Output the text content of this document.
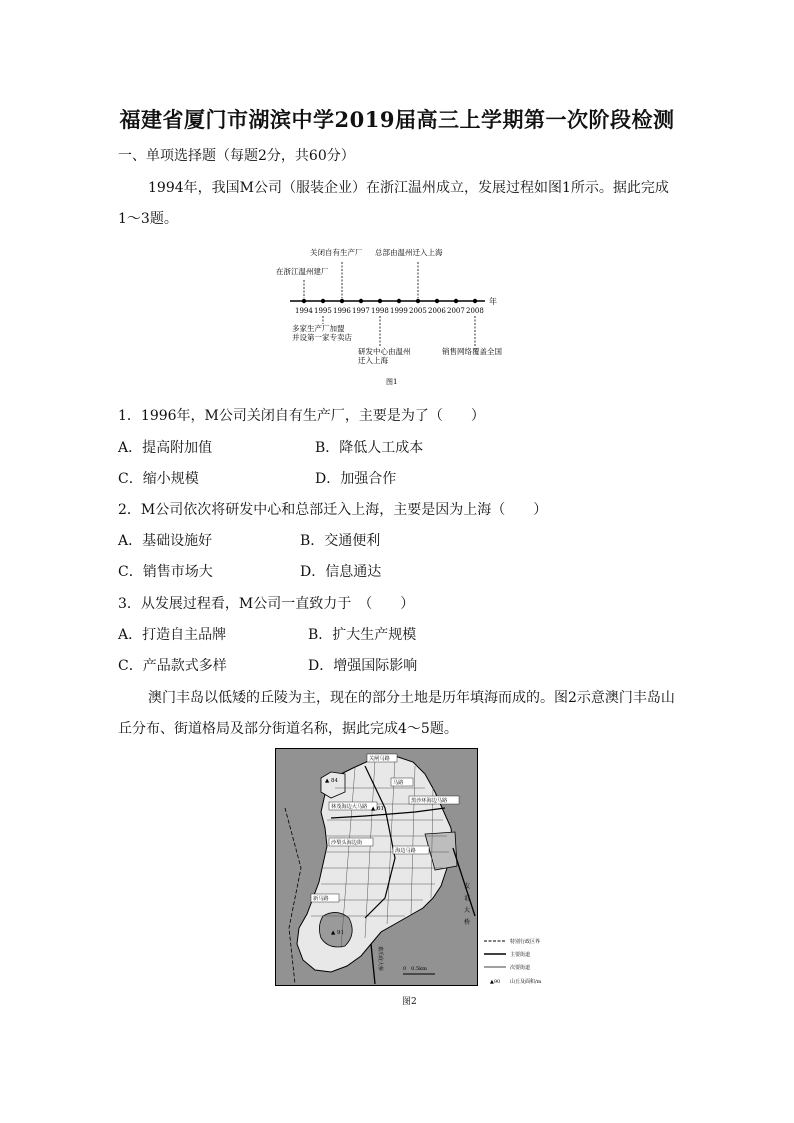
福建省厦门市湖滨中学2019届高三上学期第一次阶段检测
一、单项选择题（每题2分，共60分）
1994年，我国M公司（服装企业）在浙江温州成立，发展过程如图1所示。据此完成
1～3题。
年
1994 1995 1996 1997 1998 1999 2005 2006 2007 2008
在浙江温州建厂
关闭自有生产厂 总部由温州迁入上海
多家生产厂加盟
并设第一家专卖店
研发中心由温州
迁入上海
销售网络覆盖全国
图1
1．1996年，M公司关闭自有生产厂，主要是为了（　　）
A．提高附加值	B．降低人工成本
C．缩小规模	D．加强合作
2．M公司依次将研发中心和总部迁入上海，主要是因为上海（　　）
A．基础设施好	B．交通便利
C．销售市场大	D．信息通达
3．从发展过程看，M公司一直致力于　（　　）
A．打造自主品牌	B．扩大生产规模
C．产品款式多样	D．增强国际影响
澳门丰岛以低矮的丘陵为主，现在的部分土地是历年填海而成的。图2示意澳门丰岛山
丘分布、街道格局及部分街道名称，据此完成4～5题。
关闸马路
马路
黑沙环海边马路
林茂海边大马路
沙梨头海边街
海边马路
新马路
▲ 84
▲ 61
▲ 91
友
谊
大
桥
嘉乐庇大桥	0　0.5km
特别行政区界
主要街道
次要街道
▲90 山丘及面积/m
图2
